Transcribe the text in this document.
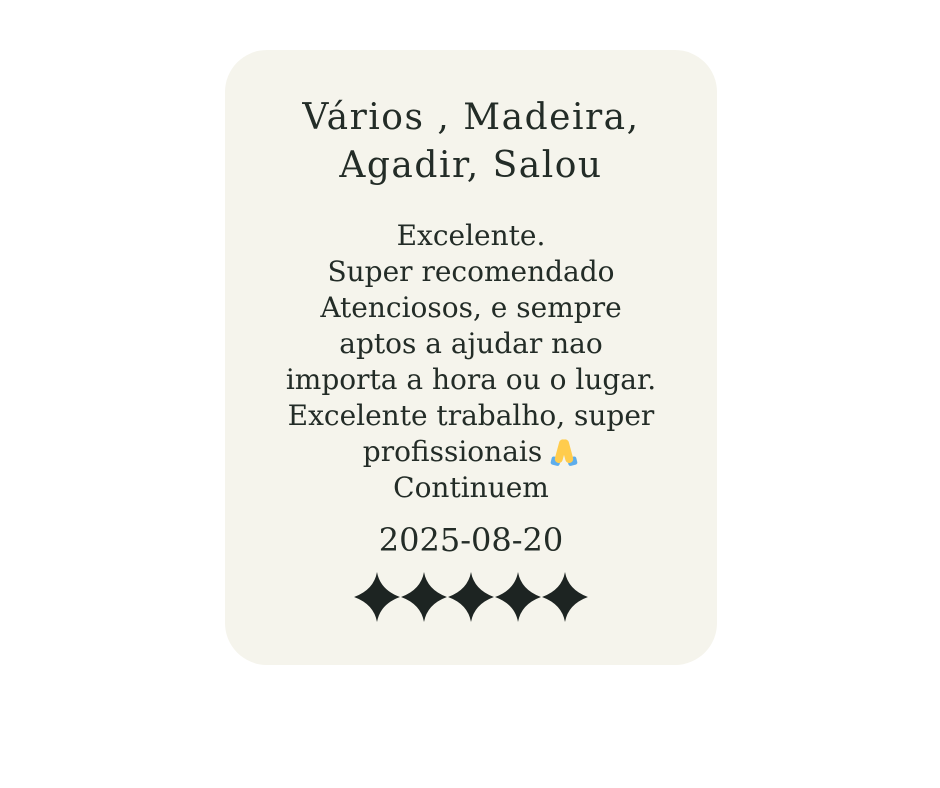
Vários , Madeira,
Agadir, Salou
Excelente.
Super recomendado
Atenciosos, e sempre
aptos a ajudar nao
importa a hora ou o lugar.
Excelente trabalho, super
profissionais
Continuem
2025-08-20
